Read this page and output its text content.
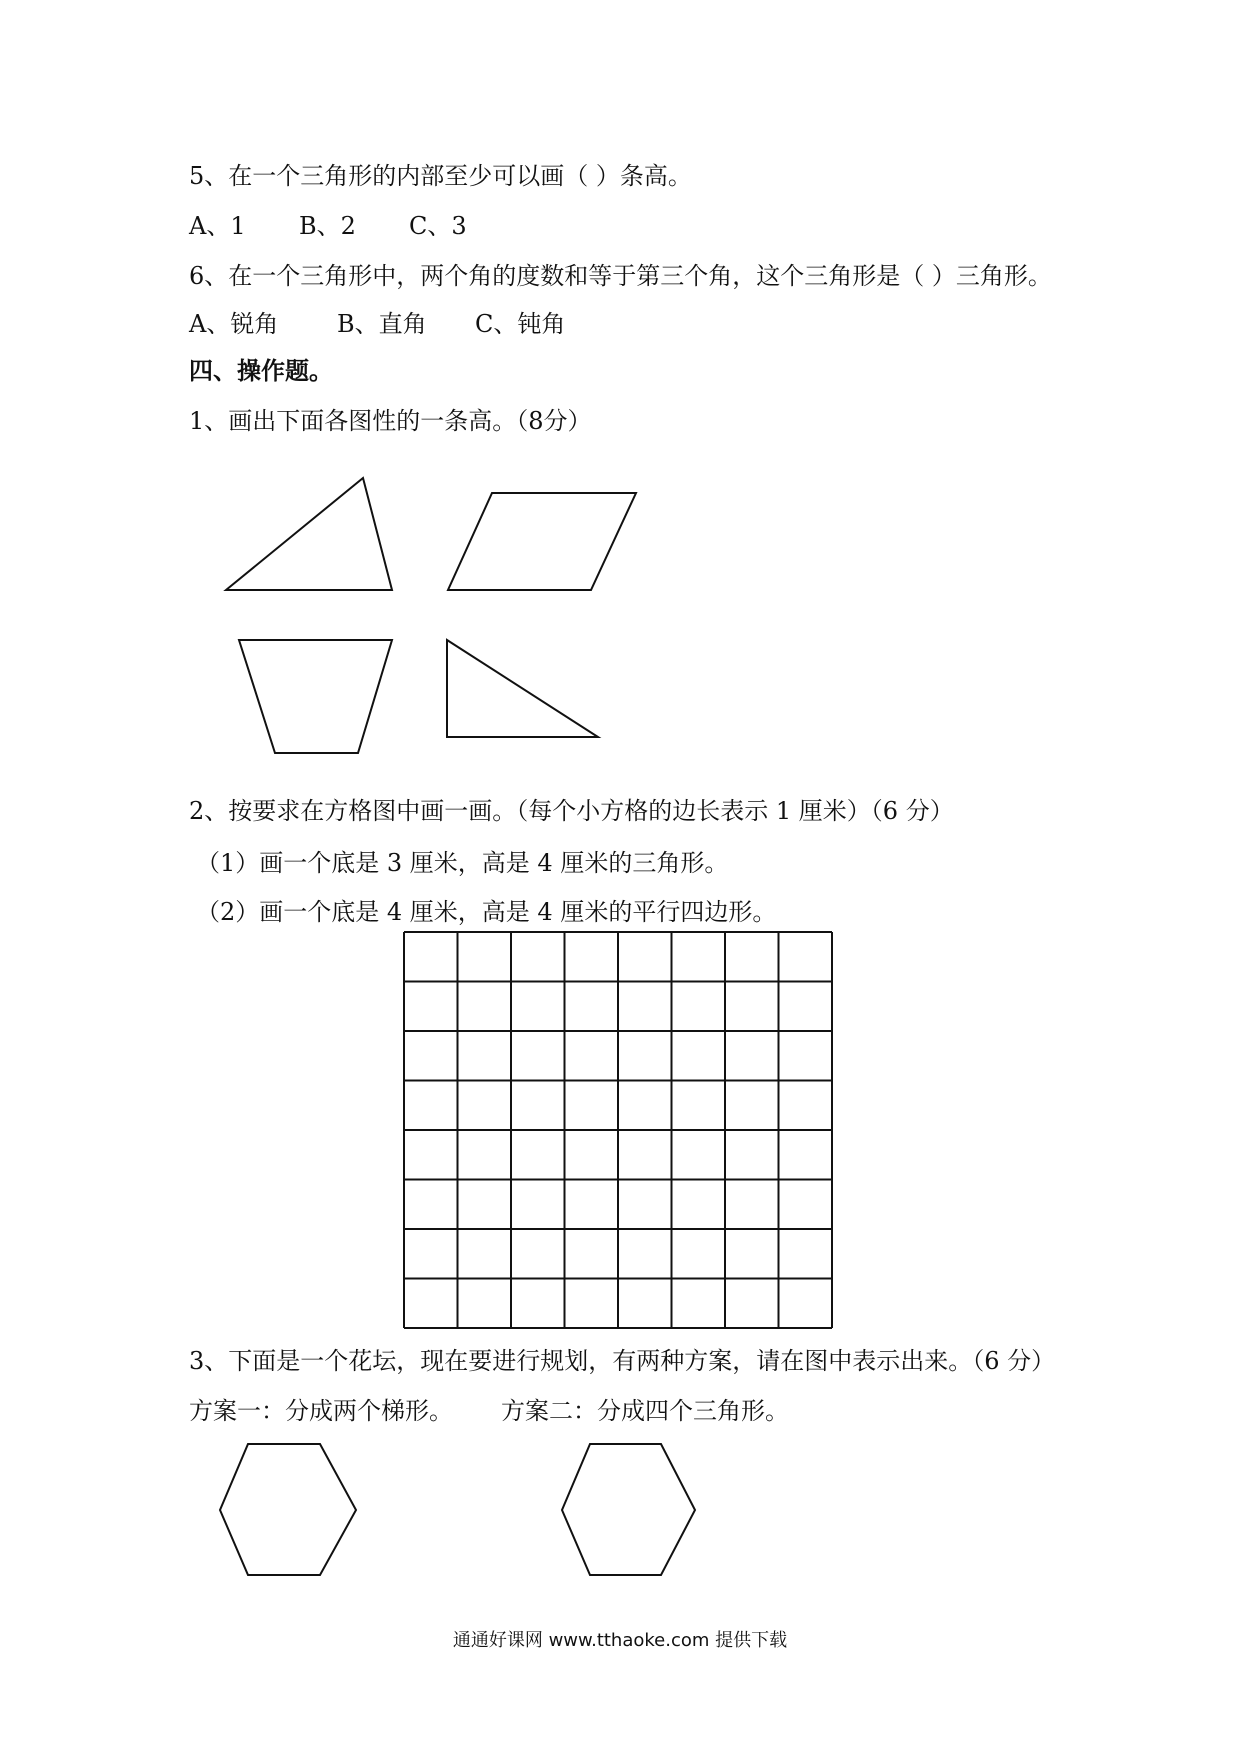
5、在一个三角形的内部至少可以画（ ）条高。
A、1 B、2 C、3
6、在一个三角形中，两个角的度数和等于第三个角，这个三角形是（ ）三角形。
A、锐角 B、直角 C、钝角
四、操作题。
1、画出下面各图性的一条高。（8分）
2、按要求在方格图中画一画。（每个小方格的边长表示 1 厘米）（6 分）
（1）画一个底是 3 厘米，高是 4 厘米的三角形。
（2）画一个底是 4 厘米，高是 4 厘米的平行四边形。
3、下面是一个花坛，现在要进行规划，有两种方案，请在图中表示出来。（6 分）
方案一：分成两个梯形。 方案二：分成四个三角形。
通通好课网 www.tthaoke.com 提供下载
